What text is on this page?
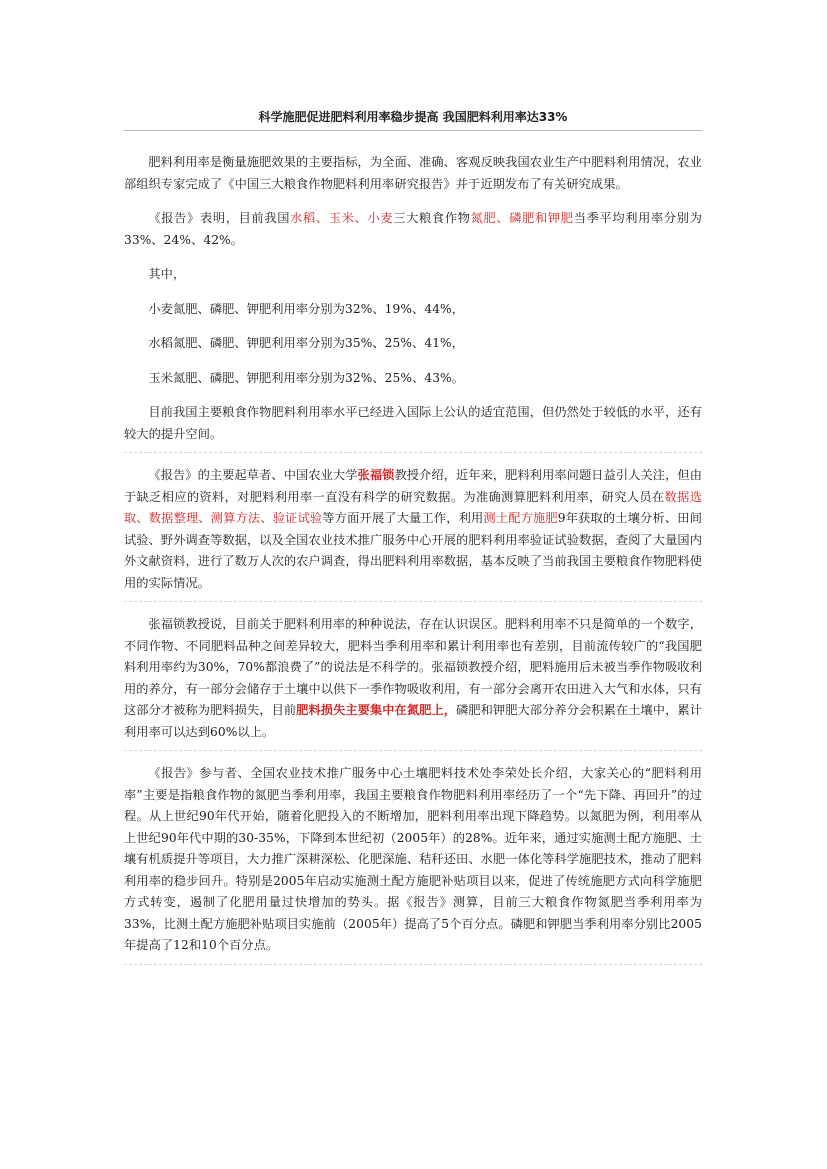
科学施肥促进肥料利用率稳步提高 我国肥料利用率达33%

肥料利用率是衡量施肥效果的主要指标，为全面、准确、客观反映我国农业生产中肥料利用情况，农业部组织专家完成了《中国三大粮食作物肥料利用率研究报告》并于近期发布了有关研究成果。

《报告》表明，目前我国水稻、玉米、小麦三大粮食作物氮肥、磷肥和钾肥当季平均利用率分别为33%、24%、42%。

其中，

小麦氮肥、磷肥、钾肥利用率分别为32%、19%、44%，

水稻氮肥、磷肥、钾肥利用率分别为35%、25%、41%，

玉米氮肥、磷肥、钾肥利用率分别为32%、25%、43%。

目前我国主要粮食作物肥料利用率水平已经进入国际上公认的适宜范围，但仍然处于较低的水平，还有较大的提升空间。

《报告》的主要起草者、中国农业大学张福锁教授介绍，近年来，肥料利用率问题日益引人关注，但由于缺乏相应的资料，对肥料利用率一直没有科学的研究数据。为准确测算肥料利用率，研究人员在数据选取、数据整理、测算方法、验证试验等方面开展了大量工作，利用测土配方施肥9年获取的土壤分析、田间试验、野外调查等数据，以及全国农业技术推广服务中心开展的肥料利用率验证试验数据，查阅了大量国内外文献资料，进行了数万人次的农户调查，得出肥料利用率数据，基本反映了当前我国主要粮食作物肥料使用的实际情况。

张福锁教授说，目前关于肥料利用率的种种说法，存在认识误区。肥料利用率不只是简单的一个数字，不同作物、不同肥料品种之间差异较大，肥料当季利用率和累计利用率也有差别，目前流传较广的“我国肥料利用率约为30%，70%都浪费了”的说法是不科学的。张福锁教授介绍，肥料施用后未被当季作物吸收利用的养分，有一部分会储存于土壤中以供下一季作物吸收利用，有一部分会离开农田进入大气和水体，只有这部分才被称为肥料损失，目前肥料损失主要集中在氮肥上，磷肥和钾肥大部分养分会积累在土壤中，累计利用率可以达到60%以上。

《报告》参与者、全国农业技术推广服务中心土壤肥料技术处李荣处长介绍，大家关心的“肥料利用率”主要是指粮食作物的氮肥当季利用率，我国主要粮食作物肥料利用率经历了一个“先下降、再回升”的过程。从上世纪90年代开始，随着化肥投入的不断增加，肥料利用率出现下降趋势。以氮肥为例，利用率从上世纪90年代中期的30-35%，下降到本世纪初（2005年）的28%。近年来，通过实施测土配方施肥、土壤有机质提升等项目，大力推广深耕深松、化肥深施、秸秆还田、水肥一体化等科学施肥技术，推动了肥料利用率的稳步回升。特别是2005年启动实施测土配方施肥补贴项目以来，促进了传统施肥方式向科学施肥方式转变，遏制了化肥用量过快增加的势头。据《报告》测算，目前三大粮食作物氮肥当季利用率为33%，比测土配方施肥补贴项目实施前（2005年）提高了5个百分点。磷肥和钾肥当季利用率分别比2005年提高了12和10个百分点。
